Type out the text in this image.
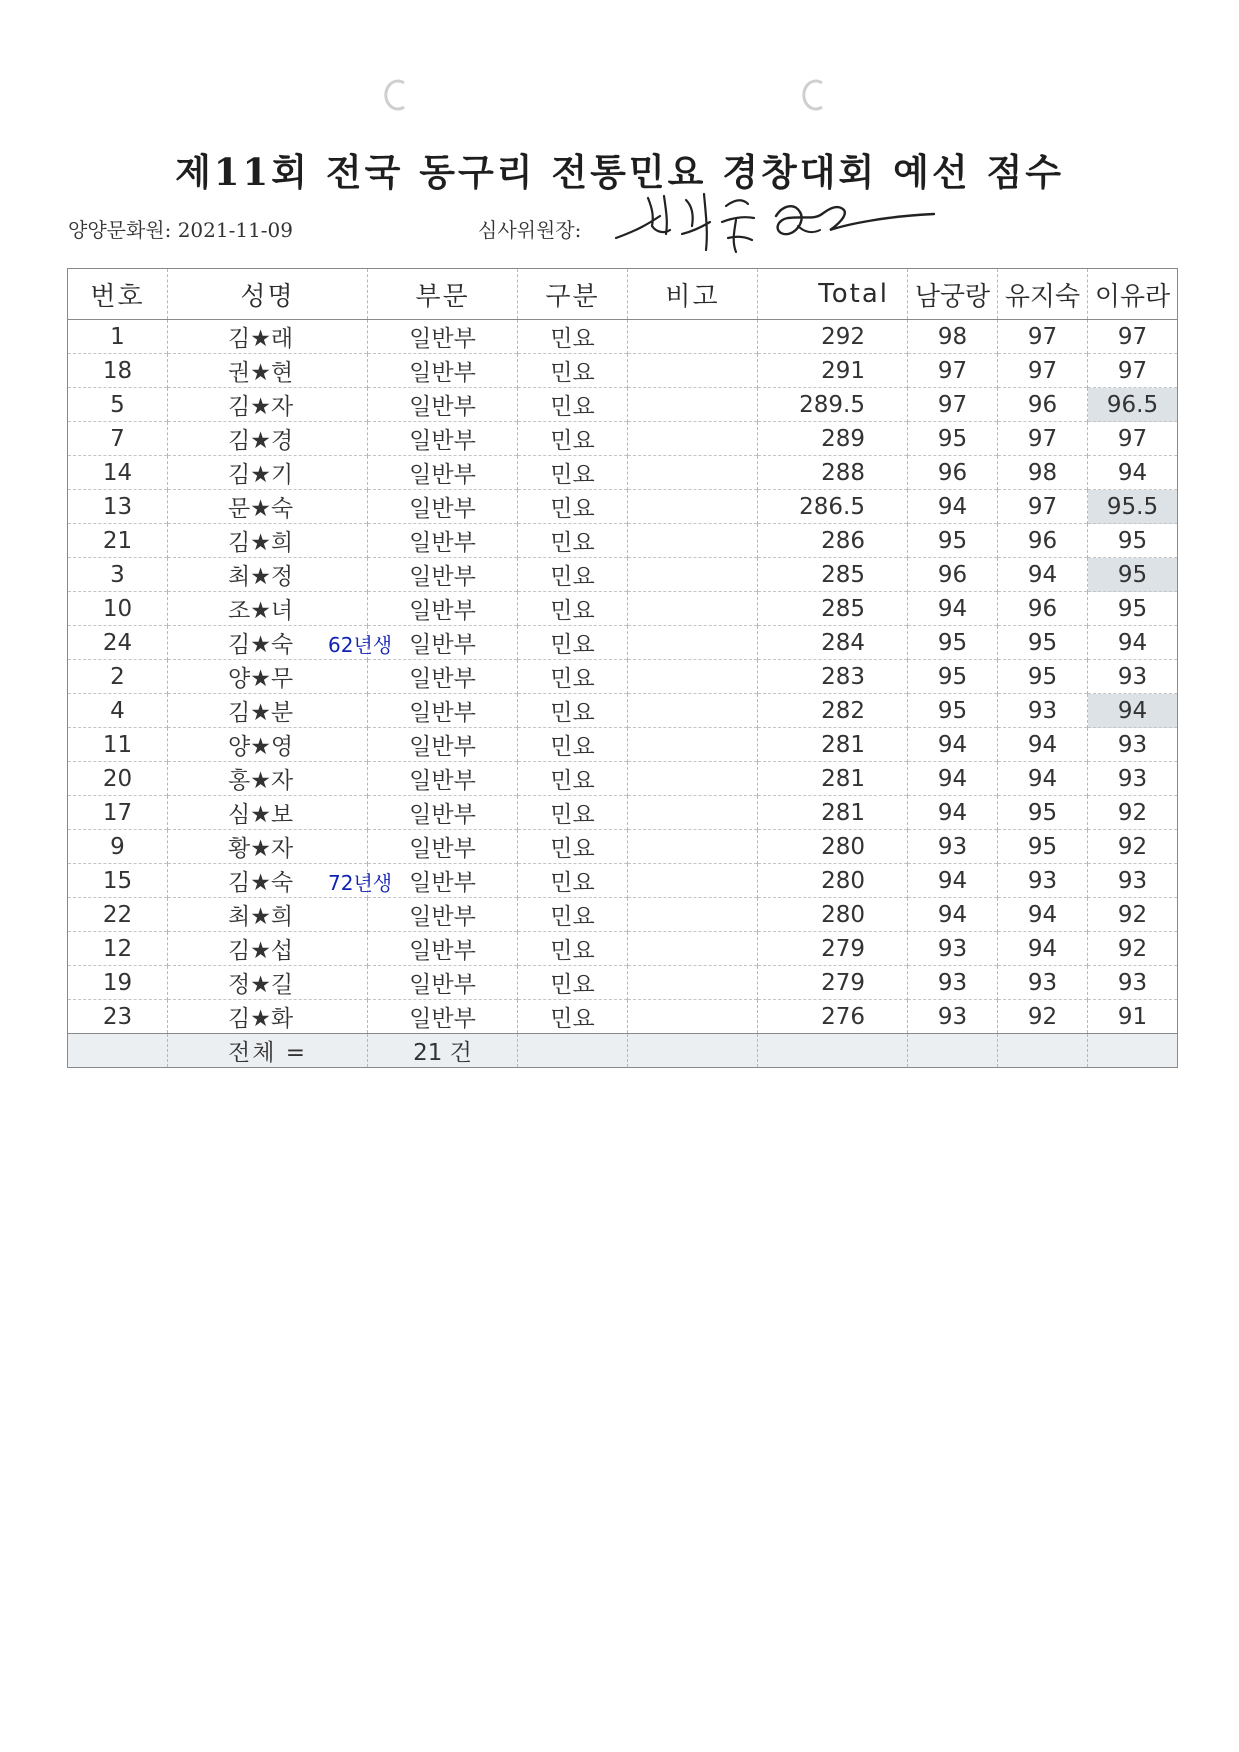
제11회 전국 동구리 전통민요 경창대회 예선 점수
양양문화원: 2021-11-09	심사위원장:
번호	성명	부문	구분	비고	Total	남궁랑	유지숙	이유라
1	김★래	일반부	민요		292	98	97	97
18	권★현	일반부	민요		291	97	97	97
5	김★자	일반부	민요		289.5	97	96	96.5
7	김★경	일반부	민요		289	95	97	97
14	김★기	일반부	민요		288	96	98	94
13	문★숙	일반부	민요		286.5	94	97	95.5
21	김★희	일반부	민요		286	95	96	95
3	최★정	일반부	민요		285	96	94	95
10	조★녀	일반부	민요		285	94	96	95
24	김★숙 62년생	일반부	민요		284	95	95	94
2	양★무	일반부	민요		283	95	95	93
4	김★분	일반부	민요		282	95	93	94
11	양★영	일반부	민요		281	94	94	93
20	홍★자	일반부	민요		281	94	94	93
17	심★보	일반부	민요		281	94	95	92
9	황★자	일반부	민요		280	93	95	92
15	김★숙 72년생	일반부	민요		280	94	93	93
22	최★희	일반부	민요		280	94	94	92
12	김★섭	일반부	민요		279	93	94	92
19	정★길	일반부	민요		279	93	93	93
23	김★화	일반부	민요		276	93	92	91
	전체 =	21 건						
